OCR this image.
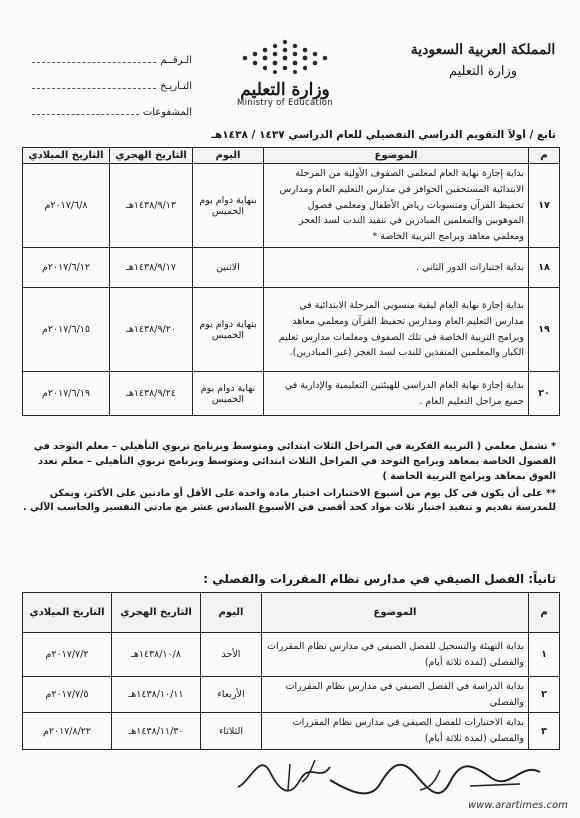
المملكة العربية السعودية
وزارة التعليم
وزارة التعليم
Ministry of Education
الـرقــم
التـاريـخ
المشفوعات
تابع / أولاً التقويم الدراسي التفصيلي للعام الدراسي ١٤٣٧ / ١٤٣٨هـ
م	الموضوع	اليوم	التاريخ الهجري	التاريخ الميلادي
١٧	بداية إجازة نهاية العام لمعلمي الصفوف الأولية من المرحلة الابتدائية المستحقين الحوافز في مدارس التعليم العام ومدارس تحفيظ القرآن ومنسوبات رياض الأطفال ومعلمي فصول الموهوبين والمعلمين المبادرين في تنفيذ الندب لسد العجز ومعلمي معاهد وبرامج التربية الخاصة *	بنهاية دوام يوم الخميس	١٤٣٨/٩/١٣هـ	٢٠١٧/٦/٨م
١٨	بداية اختبارات الدور الثاني .	الاثنين	١٤٣٨/٩/١٧هـ	٢٠١٧/٦/١٢م
١٩	بداية إجازة نهاية العام لبقية منسوبي المرحلة الابتدائية في مدارس التعليم العام ومدارس تحفيظ القرآن ومعلمي معاهد وبرامج التربية الخاصة في تلك الصفوف ومعلمات مدارس تعليم الكبار والمعلمين المتفذين للندب لسد العجز (غير المبادرين).	بنهاية دوام يوم الخميس	١٤٣٨/٩/٢٠هـ	٢٠١٧/٦/١٥م
٢٠	بداية إجازة نهاية العام الدراسي للهيئتين التعليمية والإدارية في جميع مراحل التعليم العام .	نهاية دوام يوم الخميس	١٤٣٨/٩/٢٤هـ	٢٠١٧/٦/١٩م

* تشمل معلمي ( التربية الفكرية في المراحل الثلاث ابتدائي ومتوسط وبرنامج تربوي التأهيلي – معلم التوحد في الفصول الخاصة بمعاهد وبرامج التوحد في المراحل الثلاث ابتدائي ومتوسط وبرنامج تربوي التأهيلي – معلم تعدد العوق بمعاهد وبرامج التربية الخاصة )

** على أن يكون في كل يوم من أسبوع الاختبارات اختبار مادة واحدة على الأقل أو مادتين على الأكثر، ويمكن للمدرسة تقديم و تنفيذ اختبار ثلاث مواد كحد أقصى في الأسبوع السادس عشر مع مادتي التفسير والحاسب الآلي .

ثانياً: الفصل الصيفي في مدارس نظام المقررات والفصلي :
م	الموضوع	اليوم	التاريخ الهجري	التاريخ الميلادي
١	بداية التهيئة والتسجيل للفصل الصيفي في مدارس نظام المقررات والفصلي (لمدة ثلاثة أيام)	الأحد	١٤٣٨/١٠/٨هـ	٢٠١٧/٧/٢م
٢	بداية الدراسة في الفصل الصيفي في مدارس نظام المقررات والفصلي	الأربعاء	١٤٣٨/١٠/١١هـ	٢٠١٧/٧/٥م
٣	بداية الاختبارات للفصل الصيفي في مدارس نظام المقررات والفصلي (لمدة ثلاثة أيام)	الثلاثاء	١٤٣٨/١١/٣٠هـ	٢٠١٧/٨/٢٢م
www.arartimes.com
